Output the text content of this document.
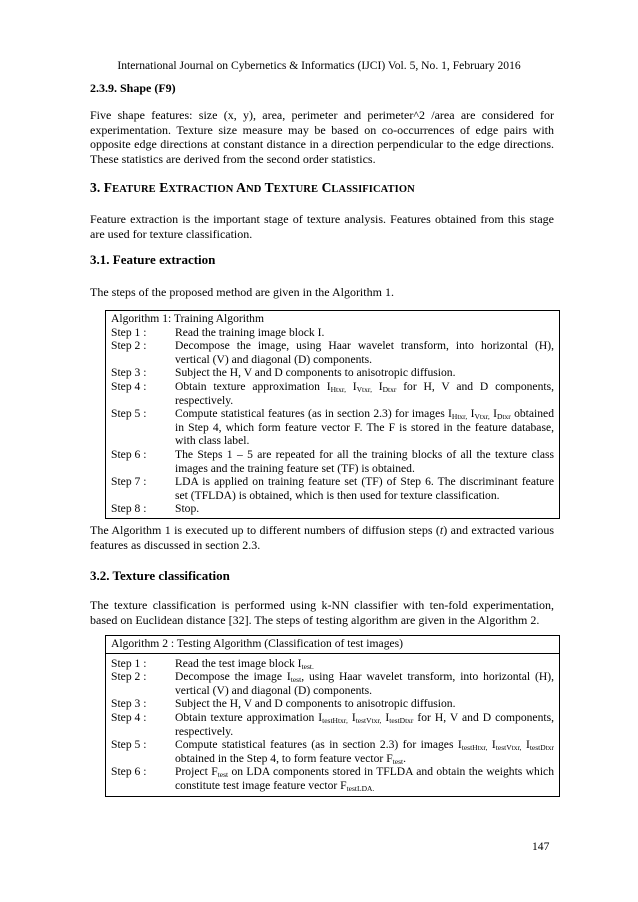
International Journal on Cybernetics & Informatics (IJCI) Vol. 5, No. 1, February 2016
2.3.9. Shape (F9)
Five shape features: size (x, y), area, perimeter and perimeter^2 /area are considered for experimentation. Texture size measure may be based on co-occurrences of edge pairs with opposite edge directions at constant distance in a direction perpendicular to the edge directions. These statistics are derived from the second order statistics.
3. FEATURE EXTRACTION AND TEXTURE CLASSIFICATION
Feature extraction is the important stage of texture analysis. Features obtained from this stage are used for texture classification.
3.1. Feature extraction
The steps of the proposed method are given in the Algorithm 1.
Algorithm 1: Training Algorithm
Step 1 :	Read the training image block I.
Step 2 :	Decompose the image, using Haar wavelet transform, into horizontal (H), vertical (V) and diagonal (D) components.
Step 3 :	Subject the H, V and D components to anisotropic diffusion.
Step 4 :	Obtain texture approximation $I_{Htxr,}$ $I_{Vtxr,}$ $I_{Dtxr}$ for H, V and D components, respectively.
Step 5 :	Compute statistical features (as in section 2.3) for images $I_{Htxr,}$ $I_{Vtxr,}$ $I_{Dtxr}$ obtained in Step 4, which form feature vector F. The F is stored in the feature database, with class label.
Step 6 :	The Steps 1 – 5 are repeated for all the training blocks of all the texture class images and the training feature set (TF) is obtained.
Step 7 :	LDA is applied on training feature set (TF) of Step 6. The discriminant feature set (TFLDA) is obtained, which is then used for texture classification.
Step 8 :	Stop.
The Algorithm 1 is executed up to different numbers of diffusion steps (t) and extracted various features as discussed in section 2.3.
3.2. Texture classification
The texture classification is performed using k-NN classifier with ten-fold experimentation, based on Euclidean distance [32]. The steps of testing algorithm are given in the Algorithm 2.
Algorithm 2 : Testing Algorithm (Classification of test images)
Step 1 :	Read the test image block $I_{test.}$
Step 2 :	Decompose the image $I_{test}$, using Haar wavelet transform, into horizontal (H), vertical (V) and diagonal (D) components.
Step 3 :	Subject the H, V and D components to anisotropic diffusion.
Step 4 :	Obtain texture approximation $I_{testHtxr,}$ $I_{testVtxr,}$ $I_{testDtxr}$ for H, V and D components, respectively.
Step 5 :	Compute statistical features (as in section 2.3) for images $I_{testHtxr,}$ $I_{testVtxr,}$ $I_{testDtxr}$ obtained in the Step 4, to form feature vector $F_{test}$.
Step 6 :	Project $F_{test}$ on LDA components stored in TFLDA and obtain the weights which constitute test image feature vector $F_{testLDA.}$
147
